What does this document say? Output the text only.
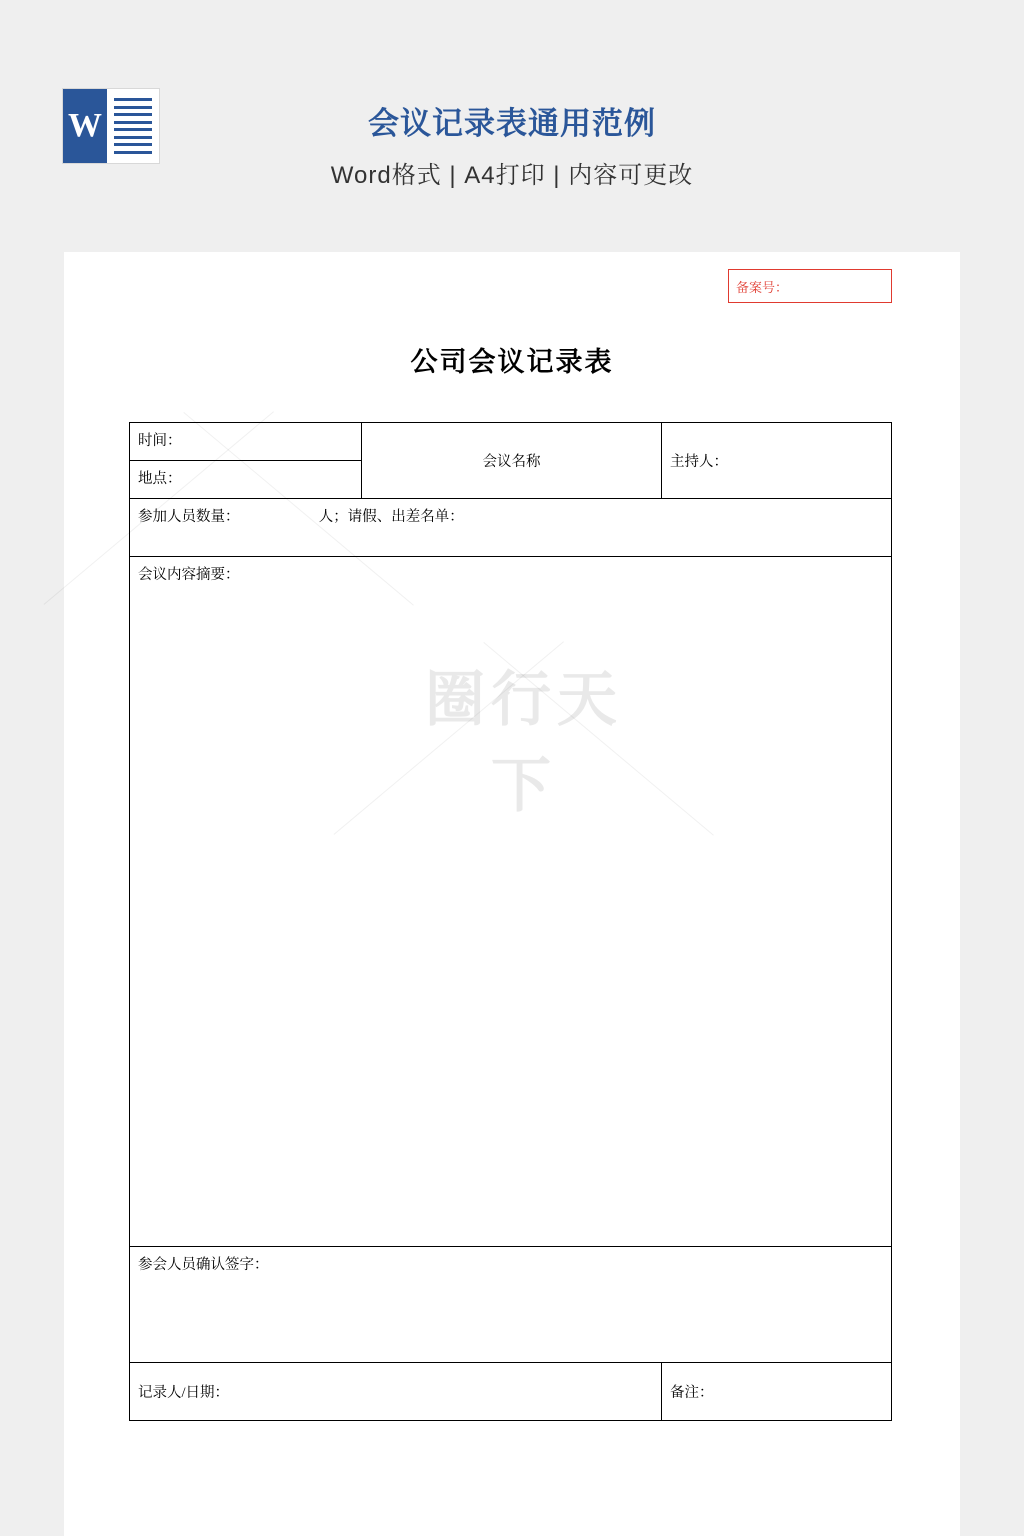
W	会议记录表通用范例
Word格式 | A4打印 | 内容可更改
备案号：
公司会议记录表
圈行天下
时间：	会议名称	主持人：
地点：		
参加人员数量： 人；请假、出差名单：		
会议内容摘要：		
参会人员确认签字：		
记录人/日期：		备注：
